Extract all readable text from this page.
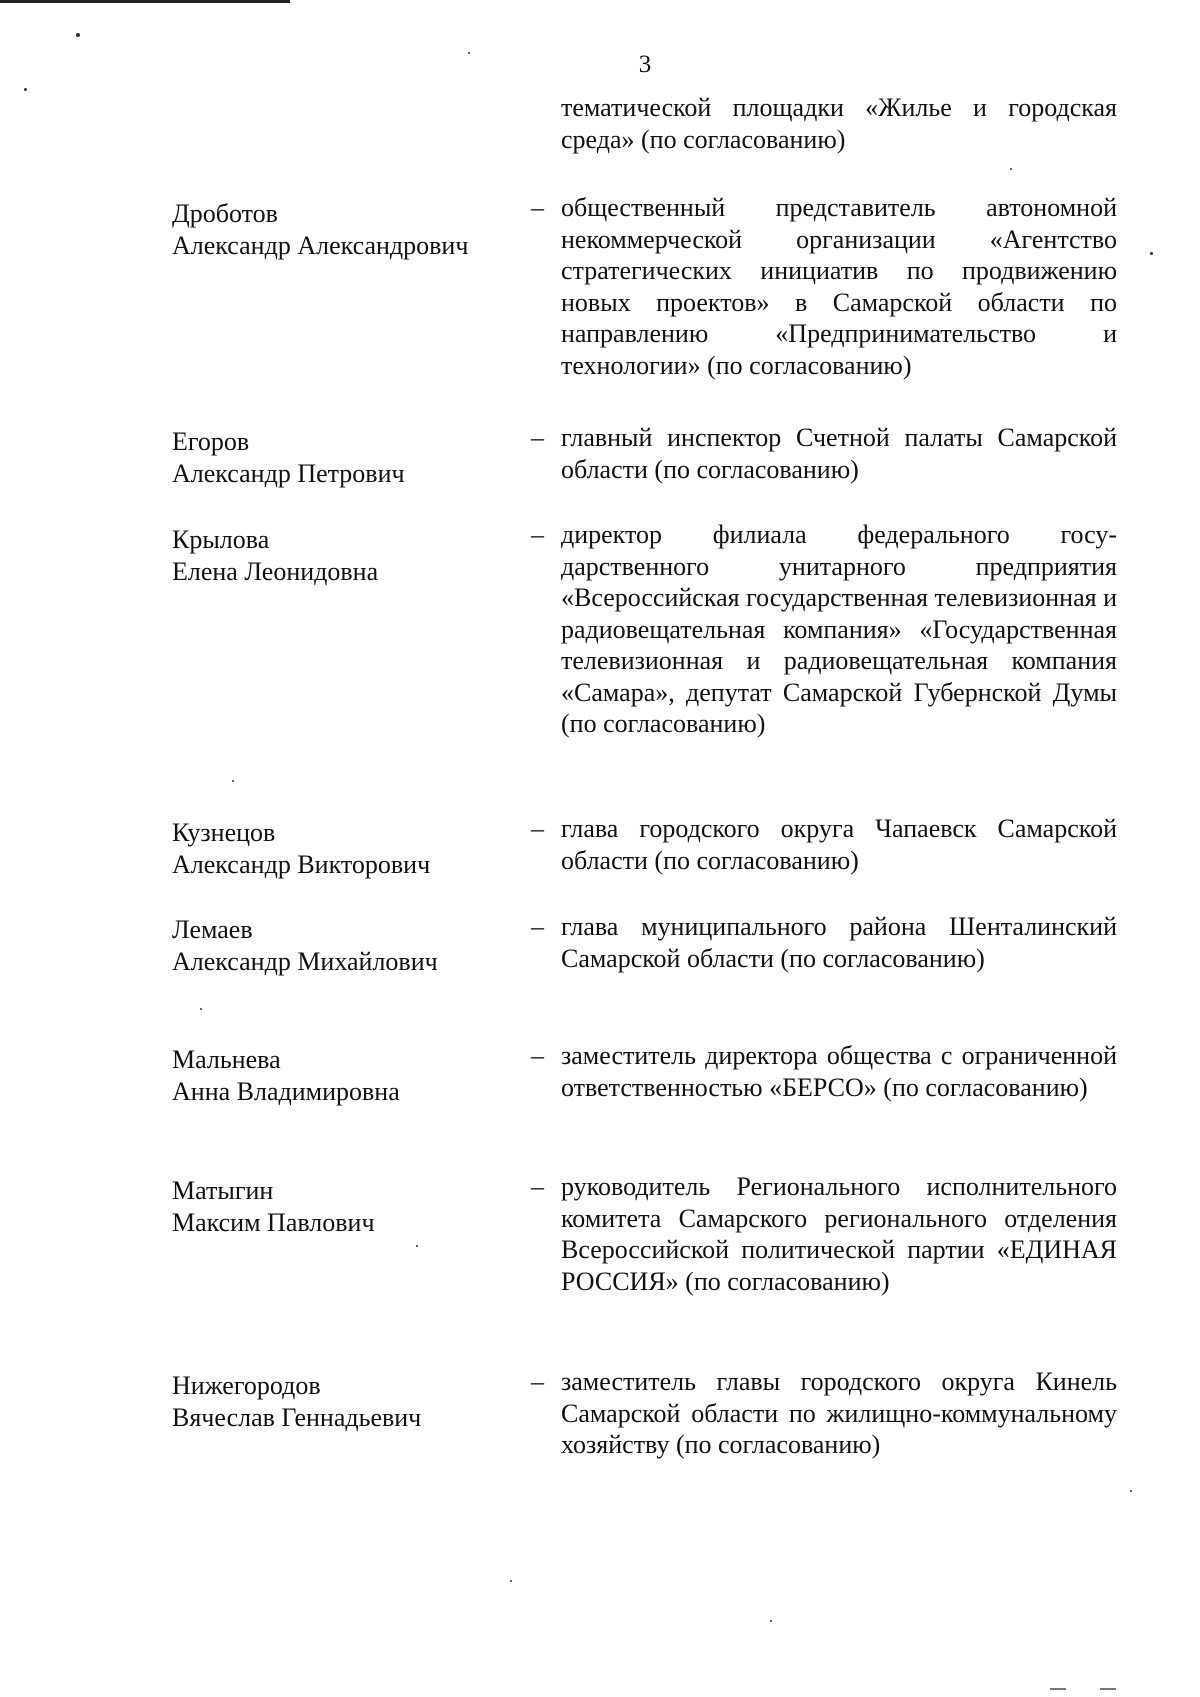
3
тематической площадки «Жилье и городская среда» (по согласованию)
Дроботов
Александр Александрович
– общественный представитель автономной некоммерческой организации «Агентство стратегических инициатив по продвижению новых проектов» в Самарской области по направлению «Предпринимательство и технологии» (по согласованию)
Егоров
Александр Петрович
– главный инспектор Счетной палаты Самарской области (по согласованию)
Крылова
Елена Леонидовна
– директор филиала федерального государственного унитарного предприятия «Всероссийская государственная телевизионная и радиовещательная компания» «Государственная телевизионная и радиовещательная компания «Самара», депутат Самарской Губернской Думы (по согласованию)
Кузнецов
Александр Викторович
– глава городского округа Чапаевск Самарской области (по согласованию)
Лемаев
Александр Михайлович
– глава муниципального района Шенталинский Самарской области (по согласованию)
Мальнева
Анна Владимировна
– заместитель директора общества с ограниченной ответственностью «БЕРСО» (по согласованию)
Матыгин
Максим Павлович
– руководитель Регионального исполнительного комитета Самарского регионального отделения Всероссийской политической партии «ЕДИНАЯ РОССИЯ» (по согласованию)
Нижегородов
Вячеслав Геннадьевич
– заместитель главы городского округа Кинель Самарской области по жилищно-коммунальному хозяйству (по согласованию)
